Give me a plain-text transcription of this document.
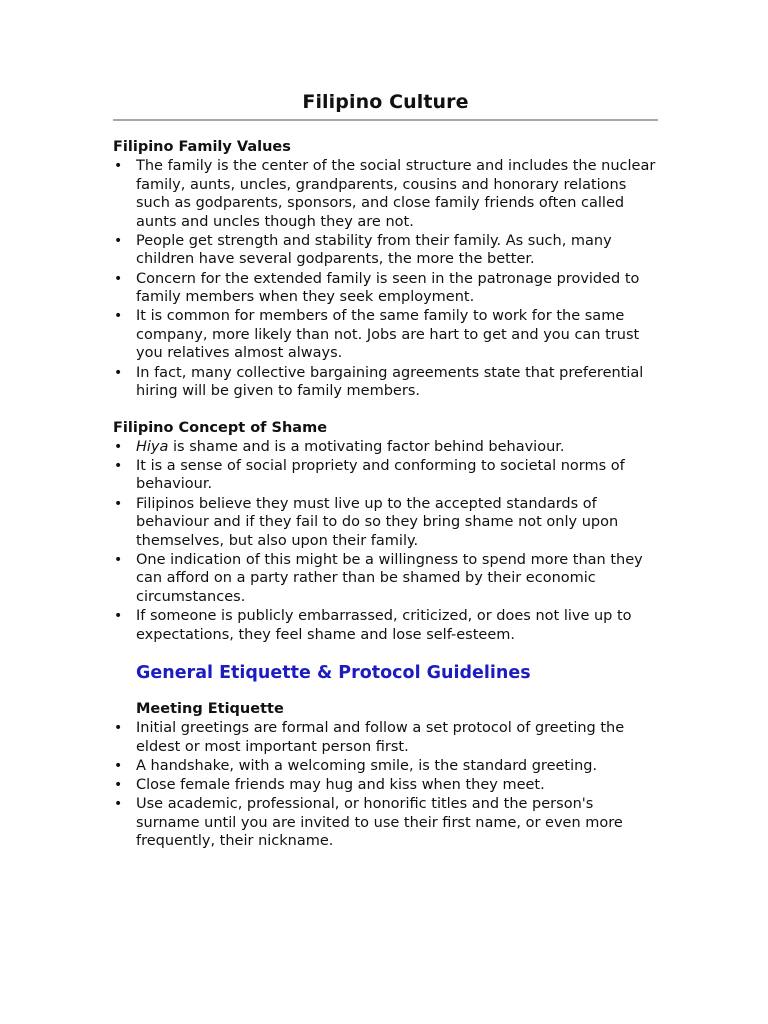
Filipino Culture
Filipino Family Values
• The family is the center of the social structure and includes the nuclear family, aunts, uncles, grandparents, cousins and honorary relations such as godparents, sponsors, and close family friends often called aunts and uncles though they are not.
• People get strength and stability from their family. As such, many children have several godparents, the more the better.
• Concern for the extended family is seen in the patronage provided to family members when they seek employment.
• It is common for members of the same family to work for the same company, more likely than not. Jobs are hart to get and you can trust you relatives almost always.
• In fact, many collective bargaining agreements state that preferential hiring will be given to family members.
Filipino Concept of Shame
• Hiya is shame and is a motivating factor behind behaviour.
• It is a sense of social propriety and conforming to societal norms of behaviour.
• Filipinos believe they must live up to the accepted standards of behaviour and if they fail to do so they bring shame not only upon themselves, but also upon their family.
• One indication of this might be a willingness to spend more than they can afford on a party rather than be shamed by their economic circumstances.
• If someone is publicly embarrassed, criticized, or does not live up to expectations, they feel shame and lose self-esteem.
General Etiquette & Protocol Guidelines
Meeting Etiquette
• Initial greetings are formal and follow a set protocol of greeting the eldest or most important person first.
• A handshake, with a welcoming smile, is the standard greeting.
• Close female friends may hug and kiss when they meet.
• Use academic, professional, or honorific titles and the person's surname until you are invited to use their first name, or even more frequently, their nickname.
